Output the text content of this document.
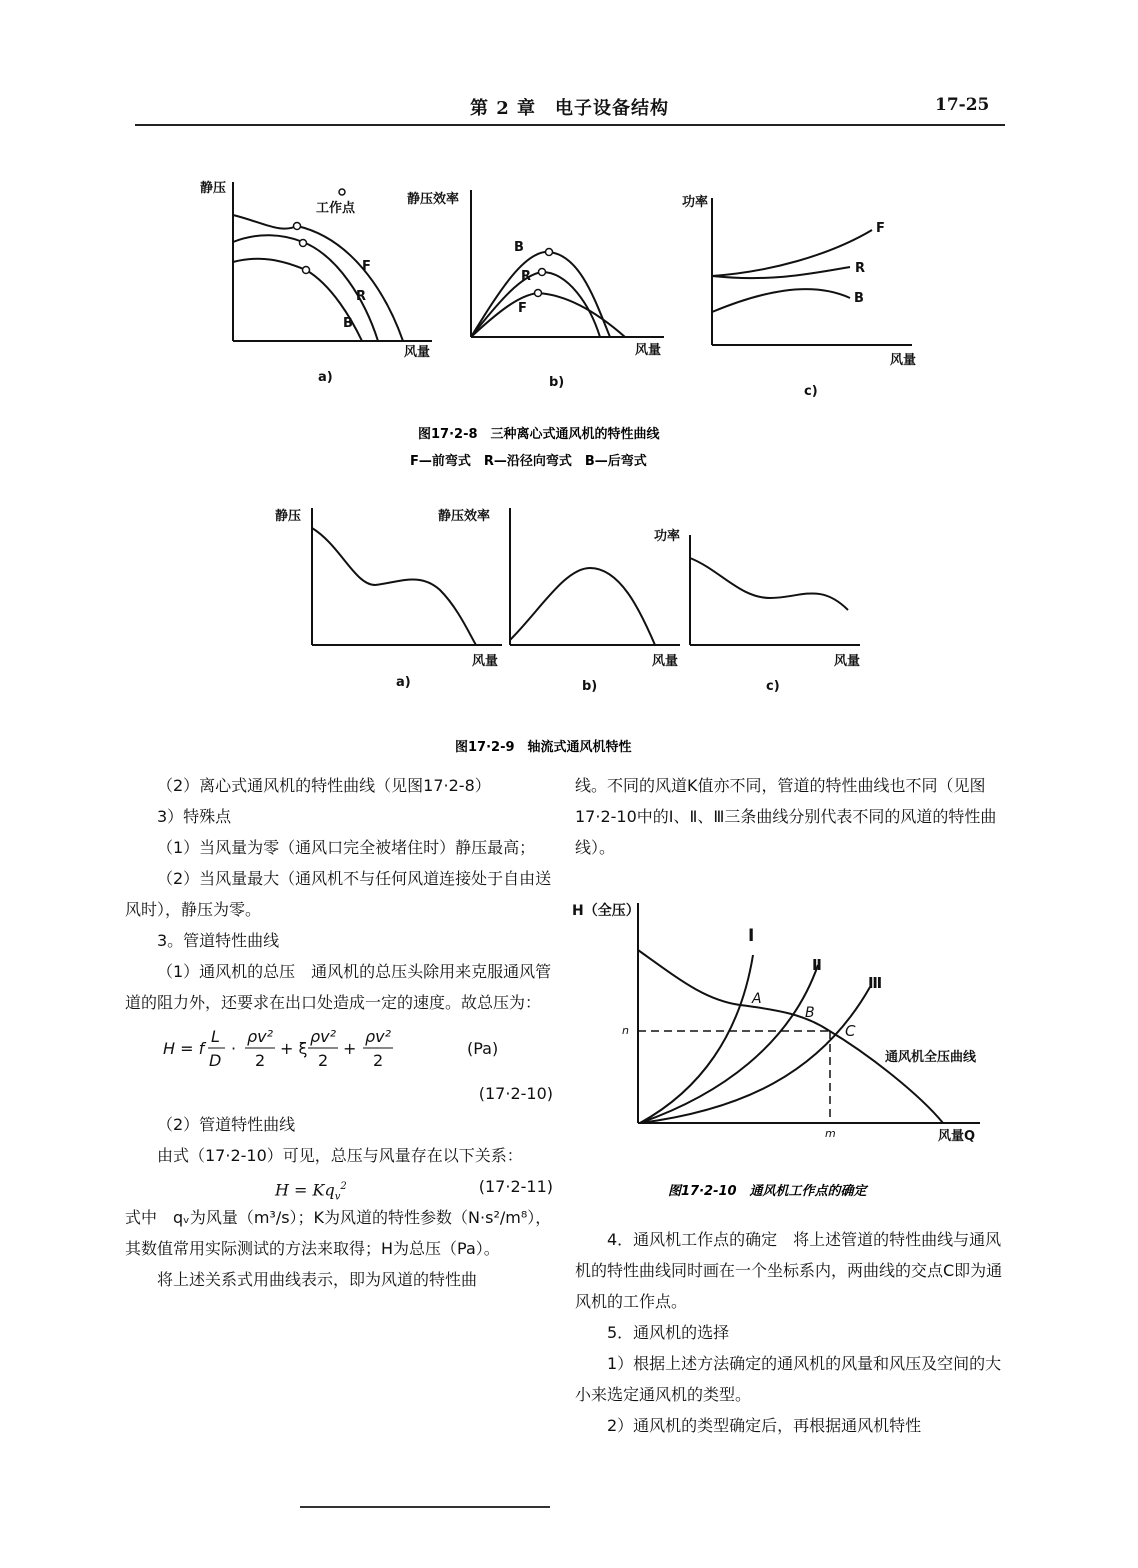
第 2 章　电子设备结构	17-25
静压
工作点
F
R
B
风量
a)
静压效率
B
R
F
风量
b)
功率
F
R
B
风量
c)
图17·2-8　三种离心式通风机的特性曲线
F—前弯式　R—沿径向弯式　B—后弯式
静压
风量
a)
静压效率
风量
b)
功率
风量
c)
图17·2-9　轴流式通风机特性

（2）离心式通风机的特性曲线（见图17·2-8）

3）特殊点

（1）当风量为零（通风口完全被堵住时）静压最高；

（2）当风量最大（通风机不与任何风道连接处于自由送风时），静压为零。

3。管道特性曲线

（1）通风机的总压　通风机的总压头除用来克服通风管道的阻力外，还要求在出口处造成一定的速度。故总压为：

H = f
L
D
·
ρv²
2
+ ξ
ρv²
2
+
ρv²
2
(Pa)

(17·2-10)

（2）管道特性曲线

由式（17·2-10）可见，总压与风量存在以下关系：

$H = Kq_v^2$	(17·2-11)

式中　qᵥ为风量（m³/s）；K为风道的特性参数（N·s²/m⁸），其数值常用实际测试的方法来取得；H为总压（Pa）。

将上述关系式用曲线表示，即为风道的特性曲

线。不同的风道K值亦不同，管道的特性曲线也不同（见图17·2-10中的Ⅰ、Ⅱ、Ⅲ三条曲线分别代表不同的风道的特性曲线）。

H（全压）
Ⅰ
Ⅱ
Ⅲ
A
B
C
通风机全压曲线
n
m	风量Q
图17·2-10　通风机工作点的确定

4．通风机工作点的确定　将上述管道的特性曲线与通风机的特性曲线同时画在一个坐标系内，两曲线的交点C即为通风机的工作点。

5．通风机的选择

1）根据上述方法确定的通风机的风量和风压及空间的大小来选定通风机的类型。

2）通风机的类型确定后，再根据通风机特性
